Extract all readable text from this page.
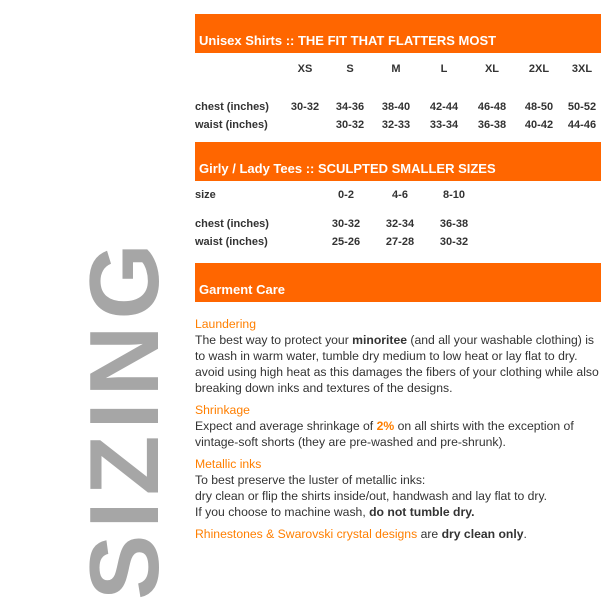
SIZING
Unisex Shirts :: THE FIT THAT FLATTERS MOST
	XS	S	M	L	XL	2XL	3XL

chest (inches)	30-32	34-36	38-40	42-44	46-48	48-50	50-52
waist (inches)		30-32	32-33	33-34	36-38	40-42	44-46
Girly / Lady Tees :: SCULPTED SMALLER SIZES
size	0-2	4-6	8-10

chest (inches)	30-32	32-34	36-38
waist (inches)	25-26	27-28	30-32
Garment Care

Laundering

The best way to protect your minoritee (and all your washable clothing) is to wash in warm water, tumble dry medium to low heat or lay flat to dry. avoid using high heat as this damages the fibers of your clothing while also breaking down inks and textures of the designs.

Shrinkage

Expect and average shrinkage of 2% on all shirts with the exception of vintage-soft shorts (they are pre-washed and pre-shrunk).

Metallic inks

To best preserve the luster of metallic inks:

dry clean or flip the shirts inside/out, handwash and lay flat to dry.

If you choose to machine wash, do not tumble dry.

Rhinestones & Swarovski crystal designs are dry clean only.
